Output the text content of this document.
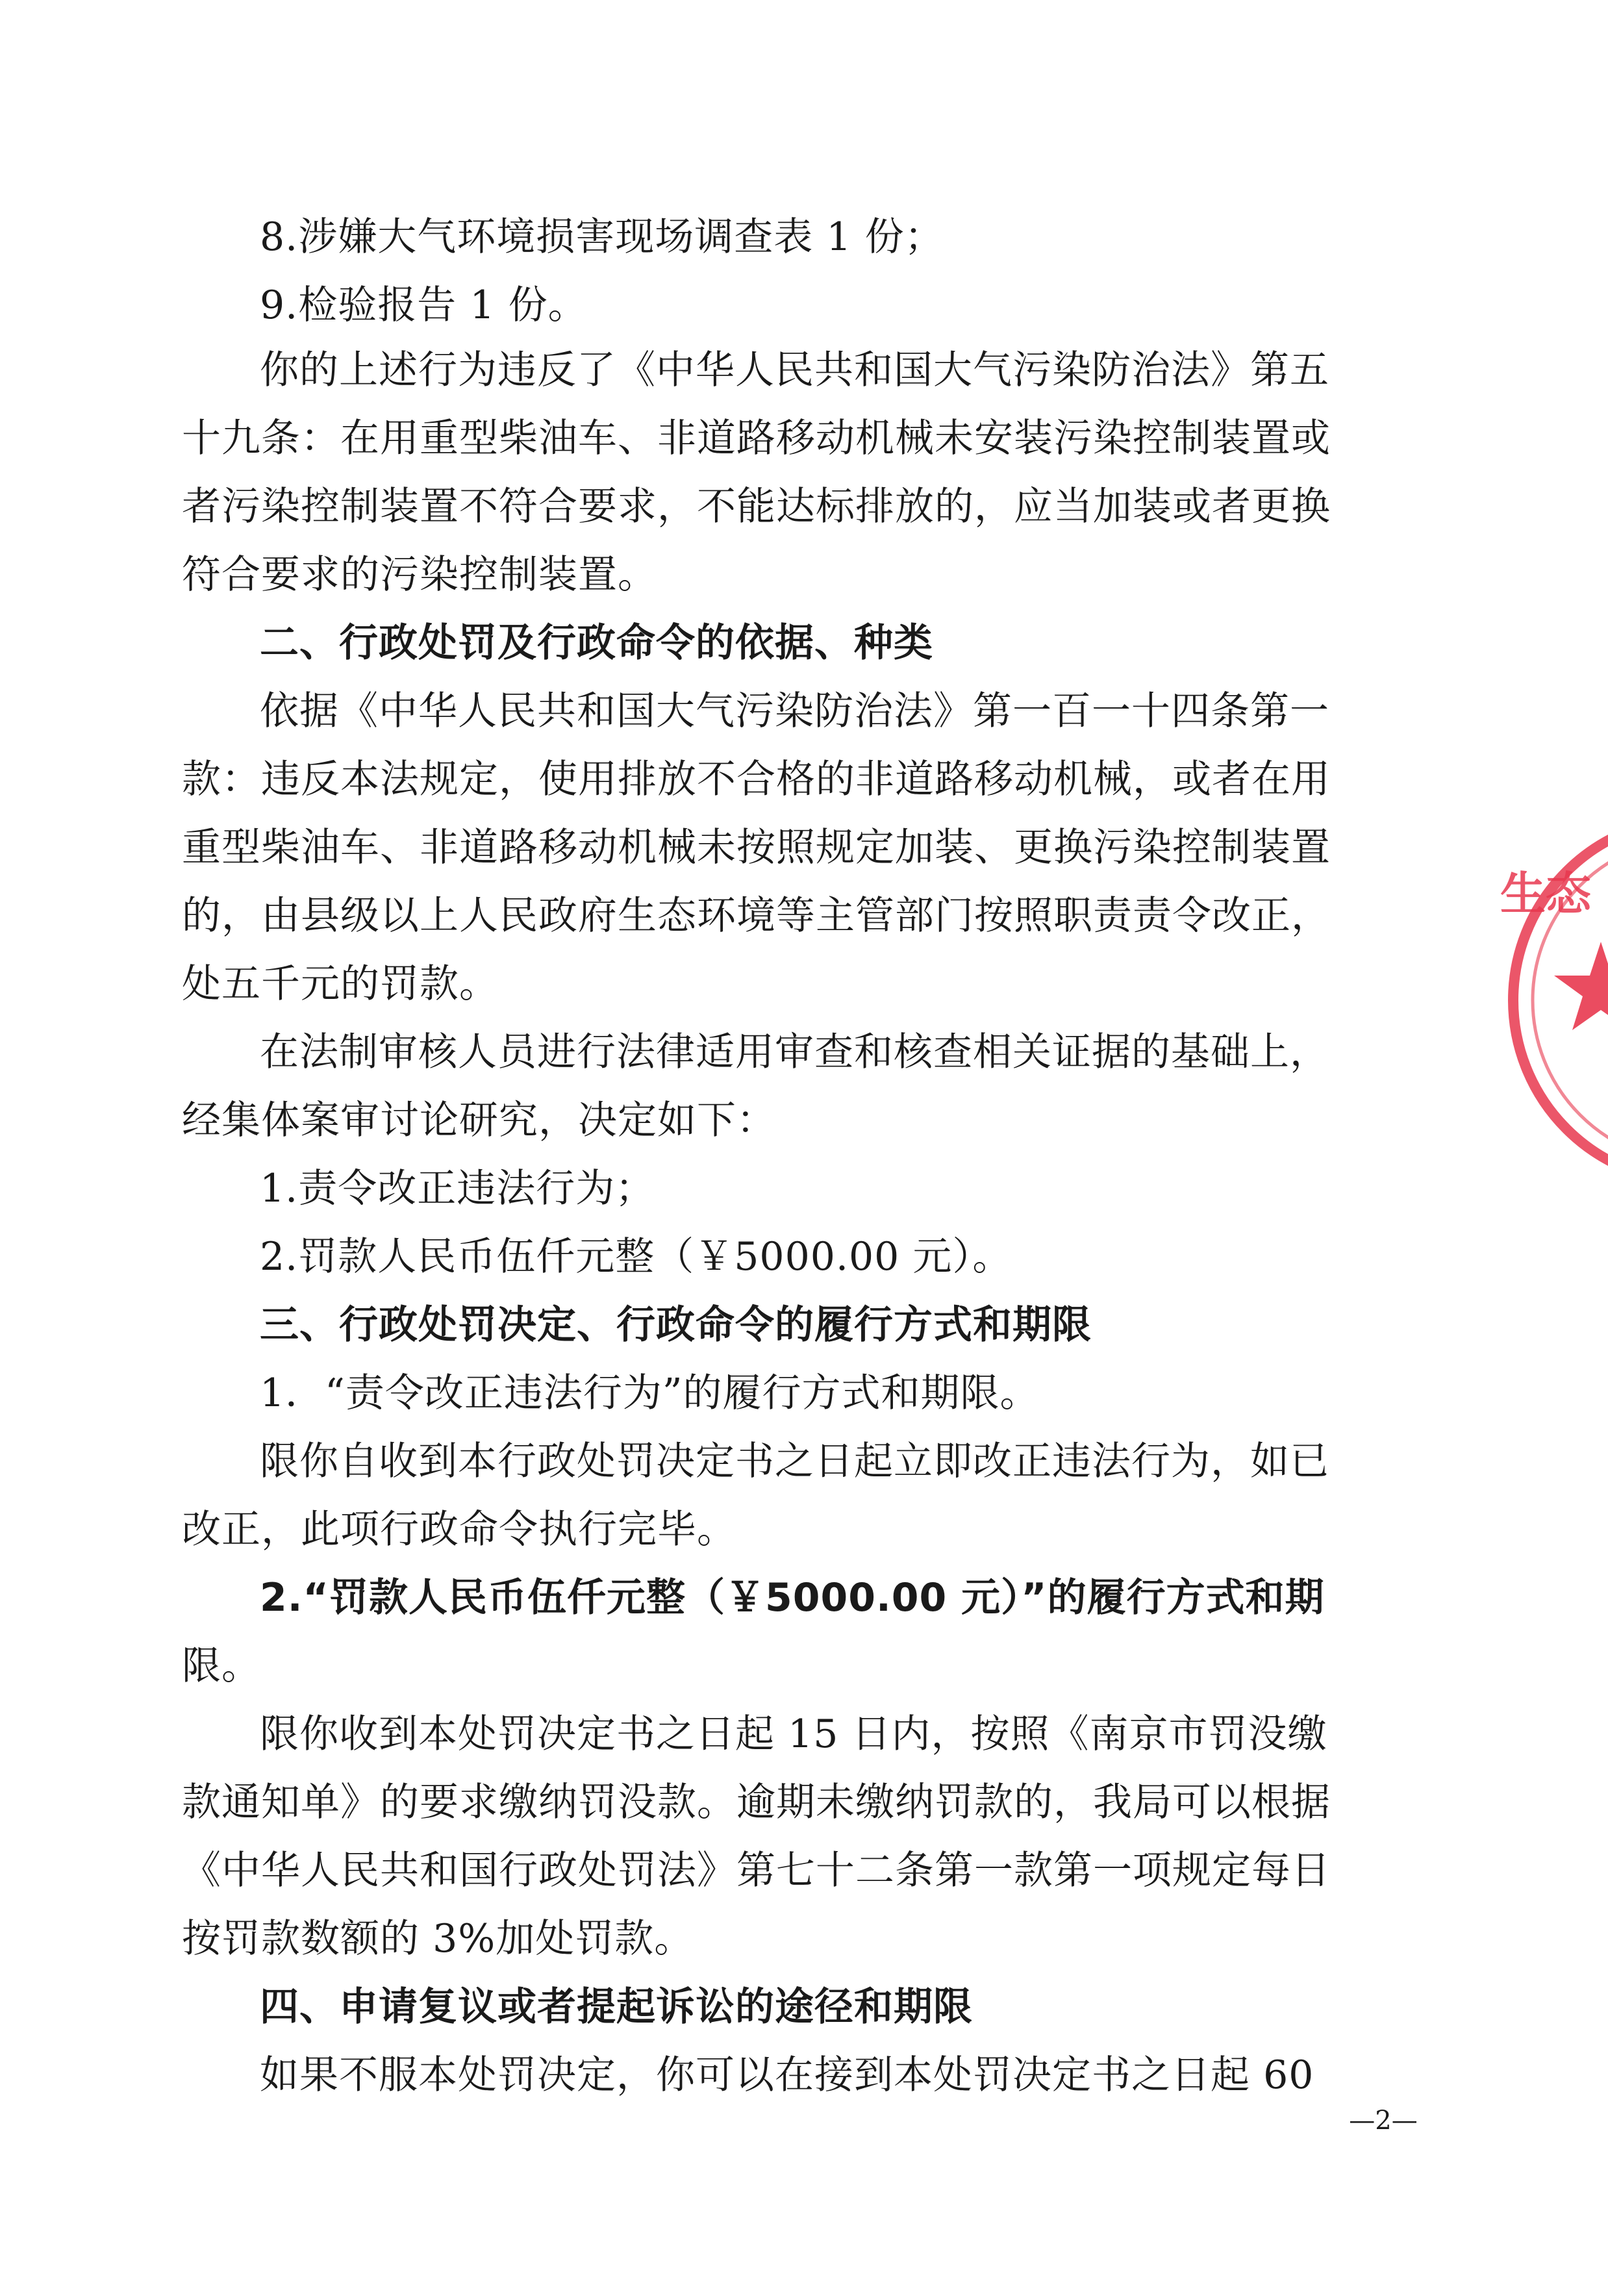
8.涉嫌大气环境损害现场调查表 1 份；
9.检验报告 1 份。
你的上述行为违反了《中华人民共和国大气污染防治法》第五
十九条：在用重型柴油车、非道路移动机械未安装污染控制装置或
者污染控制装置不符合要求，不能达标排放的，应当加装或者更换
符合要求的污染控制装置。
二、行政处罚及行政命令的依据、种类
依据《中华人民共和国大气污染防治法》第一百一十四条第一
款：违反本法规定，使用排放不合格的非道路移动机械，或者在用
重型柴油车、非道路移动机械未按照规定加装、更换污染控制装置
的，由县级以上人民政府生态环境等主管部门按照职责责令改正，
处五千元的罚款。
在法制审核人员进行法律适用审查和核查相关证据的基础上，
经集体案审讨论研究，决定如下：
1.责令改正违法行为；
2.罚款人民币伍仟元整（￥5000.00 元）。
三、行政处罚决定、行政命令的履行方式和期限
1．“责令改正违法行为”的履行方式和期限。
限你自收到本行政处罚决定书之日起立即改正违法行为，如已
改正，此项行政命令执行完毕。
2.“罚款人民币伍仟元整（￥5000.00 元）”的履行方式和期
限。
限你收到本处罚决定书之日起 15 日内，按照《南京市罚没缴
款通知单》的要求缴纳罚没款。逾期未缴纳罚款的，我局可以根据
《中华人民共和国行政处罚法》第七十二条第一款第一项规定每日
按罚款数额的 3%加处罚款。
四、申请复议或者提起诉讼的途径和期限
如果不服本处罚决定，你可以在接到本处罚决定书之日起 60
—2—
生态
